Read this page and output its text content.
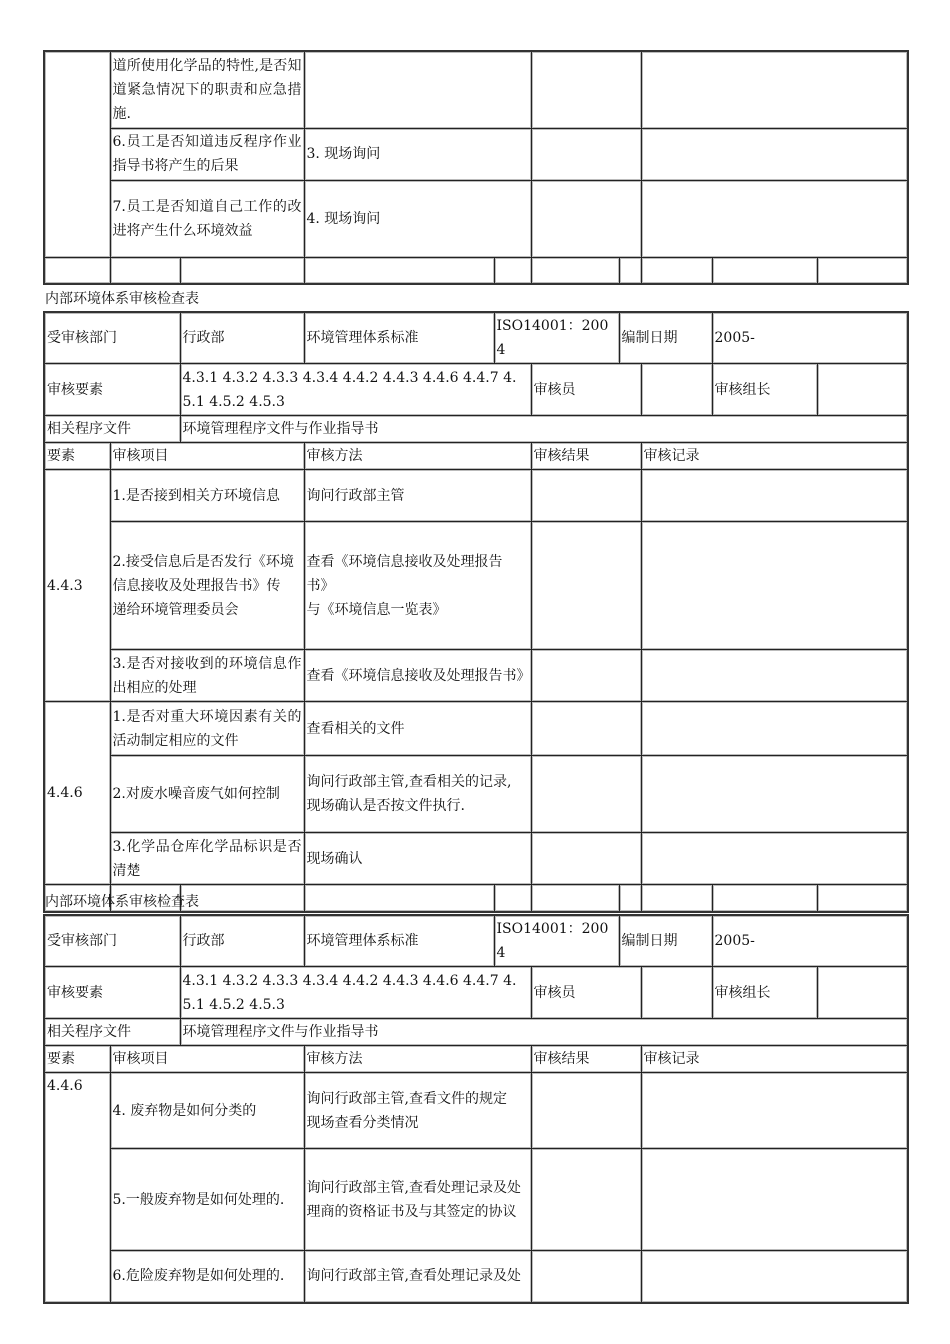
	道所使用化学品的特性,是否知道紧急情况下的职责和应急措施.								
	6.员工是否知道违反程序作业指导书将产生的后果		3. 现场询问						
	7.员工是否知道自己工作的改进将产生什么环境效益		4. 现场询问						

内部环境体系审核检查表
受审核部门		行政部	环境管理体系标准	ISO14001：2004		编制日期		2005-	
审核要素		4.3.1 4.3.2 4.3.3 4.3.4 4.4.2 4.4.3 4.4.6 4.4.7 4.5.1 4.5.2 4.5.3			审核员			审核组长	
相关程序文件		环境管理程序文件与作业指导书							
要素	审核项目		审核方法		审核结果		审核记录		
4.4.3	1.是否接到相关方环境信息		询问行政部主管						
	2.接受信息后是否发行《环境
信息接收及处理报告书》传
递给环境管理委员会		查看《环境信息接收及处理报告书》
与《环境信息一览表》						
	3.是否对接收到的环境信息作出相应的处理		查看《环境信息接收及处理报告书》						
4.4.6	1.是否对重大环境因素有关的活动制定相应的文件		查看相关的文件						
	2.对废水噪音废气如何控制		询问行政部主管,查看相关的记录,
现场确认是否按文件执行.						
	3.化学品仓库化学品标识是否清楚		现场确认						

内部环境体系审核检查表
受审核部门		行政部	环境管理体系标准	ISO14001：2004		编制日期		2005-	
审核要素		4.3.1 4.3.2 4.3.3 4.3.4 4.4.2 4.4.3 4.4.6 4.4.7 4.5.1 4.5.2 4.5.3			审核员			审核组长	
相关程序文件		环境管理程序文件与作业指导书							
要素	审核项目		审核方法		审核结果		审核记录		
4.4.6	4. 废弃物是如何分类的		询问行政部主管,查看文件的规定
现场查看分类情况						
	5.一般废弃物是如何处理的.		询问行政部主管,查看处理记录及处
理商的资格证书及与其签定的协议						
	6.危险废弃物是如何处理的.		询问行政部主管,查看处理记录及处						
